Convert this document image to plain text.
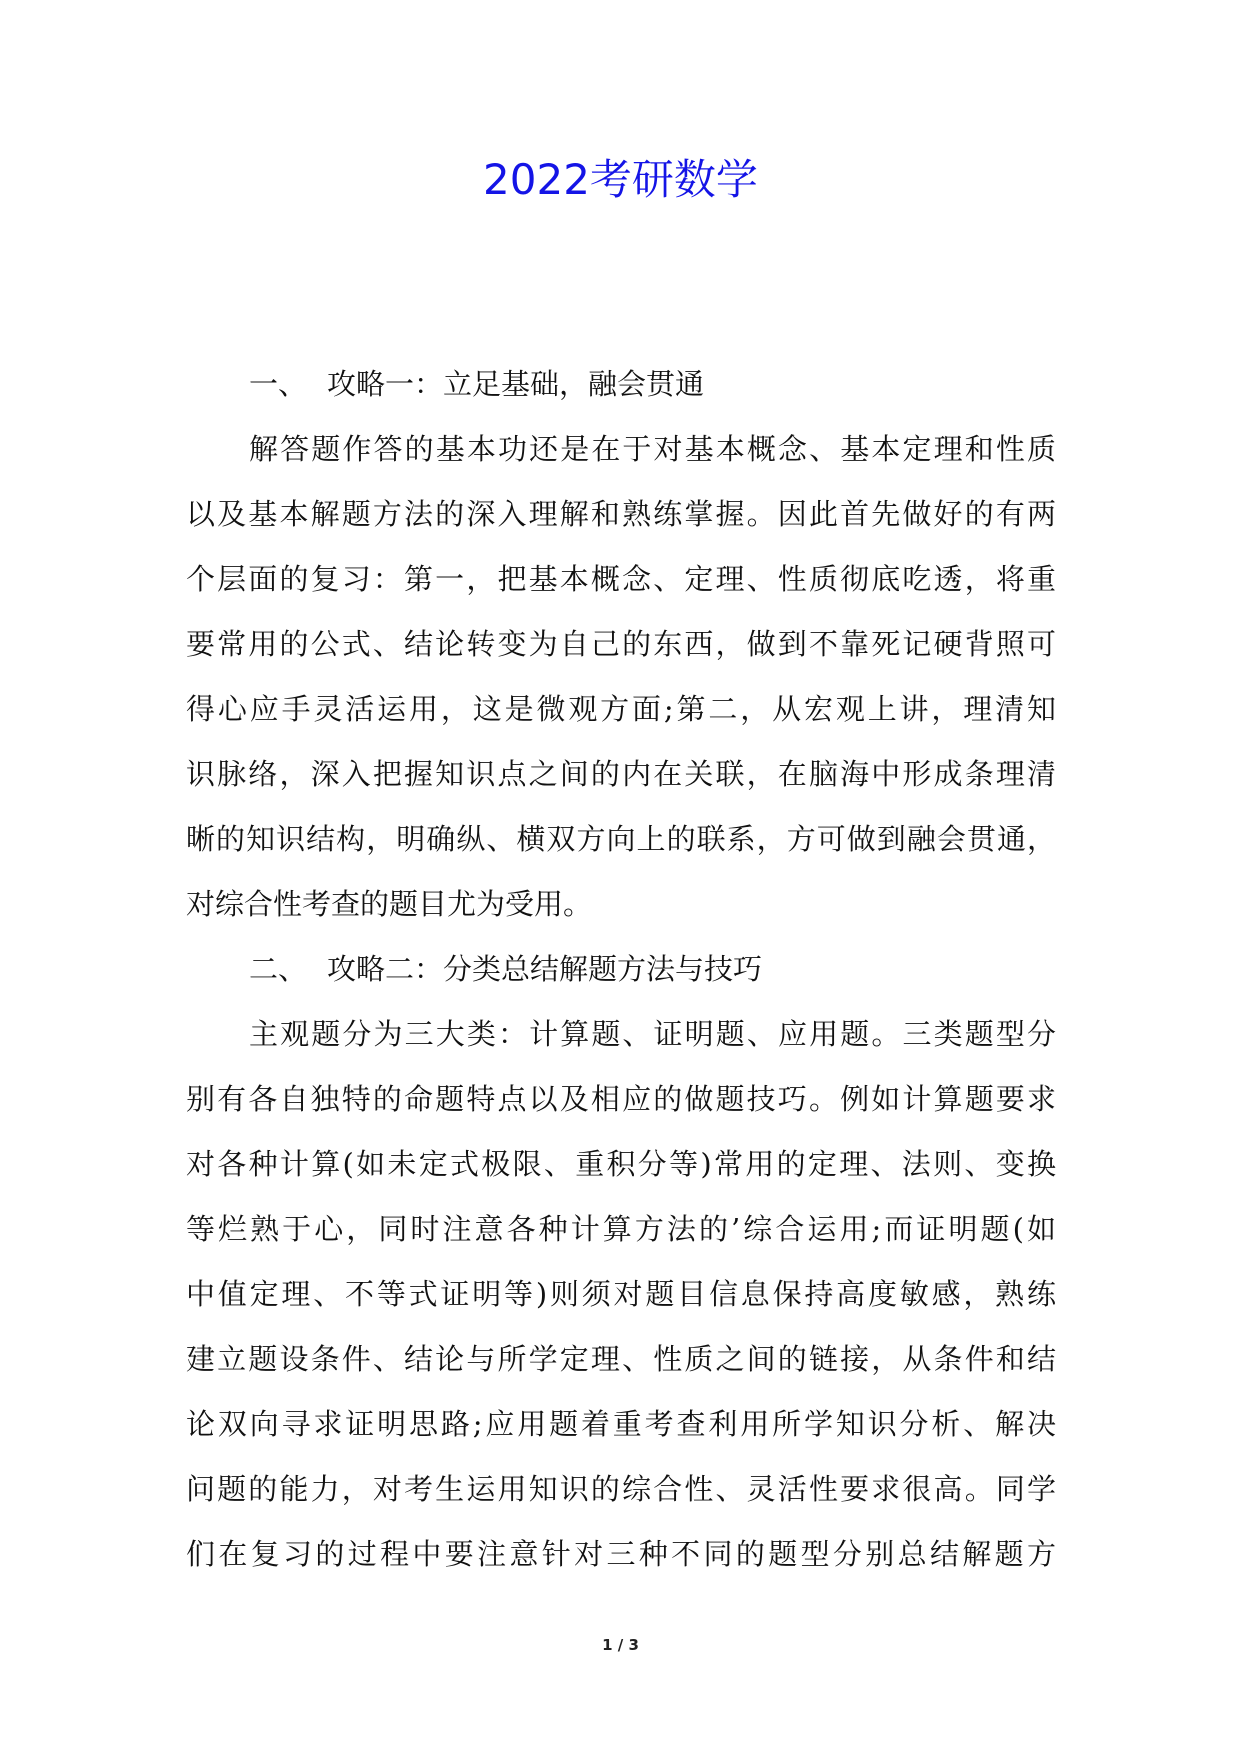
2022考研数学
一、 攻略一：立足基础，融会贯通
解答题作答的基本功还是在于对基本概念、基本定理和性质
以及基本解题方法的深入理解和熟练掌握。因此首先做好的有两
个层面的复习：第一，把基本概念、定理、性质彻底吃透，将重
要常用的公式、结论转变为自己的东西，做到不靠死记硬背照可
得心应手灵活运用，这是微观方面;第二，从宏观上讲，理清知
识脉络，深入把握知识点之间的内在关联，在脑海中形成条理清
晰的知识结构，明确纵、横双方向上的联系，方可做到融会贯通，
对综合性考查的题目尤为受用。
二、 攻略二：分类总结解题方法与技巧
主观题分为三大类：计算题、证明题、应用题。三类题型分
别有各自独特的命题特点以及相应的做题技巧。例如计算题要求
对各种计算(如未定式极限、重积分等)常用的定理、法则、变换
等烂熟于心，同时注意各种计算方法的’综合运用;而证明题(如
中值定理、不等式证明等)则须对题目信息保持高度敏感，熟练
建立题设条件、结论与所学定理、性质之间的链接，从条件和结
论双向寻求证明思路;应用题着重考查利用所学知识分析、解决
问题的能力，对考生运用知识的综合性、灵活性要求很高。同学
们在复习的过程中要注意针对三种不同的题型分别总结解题方
1 / 3
